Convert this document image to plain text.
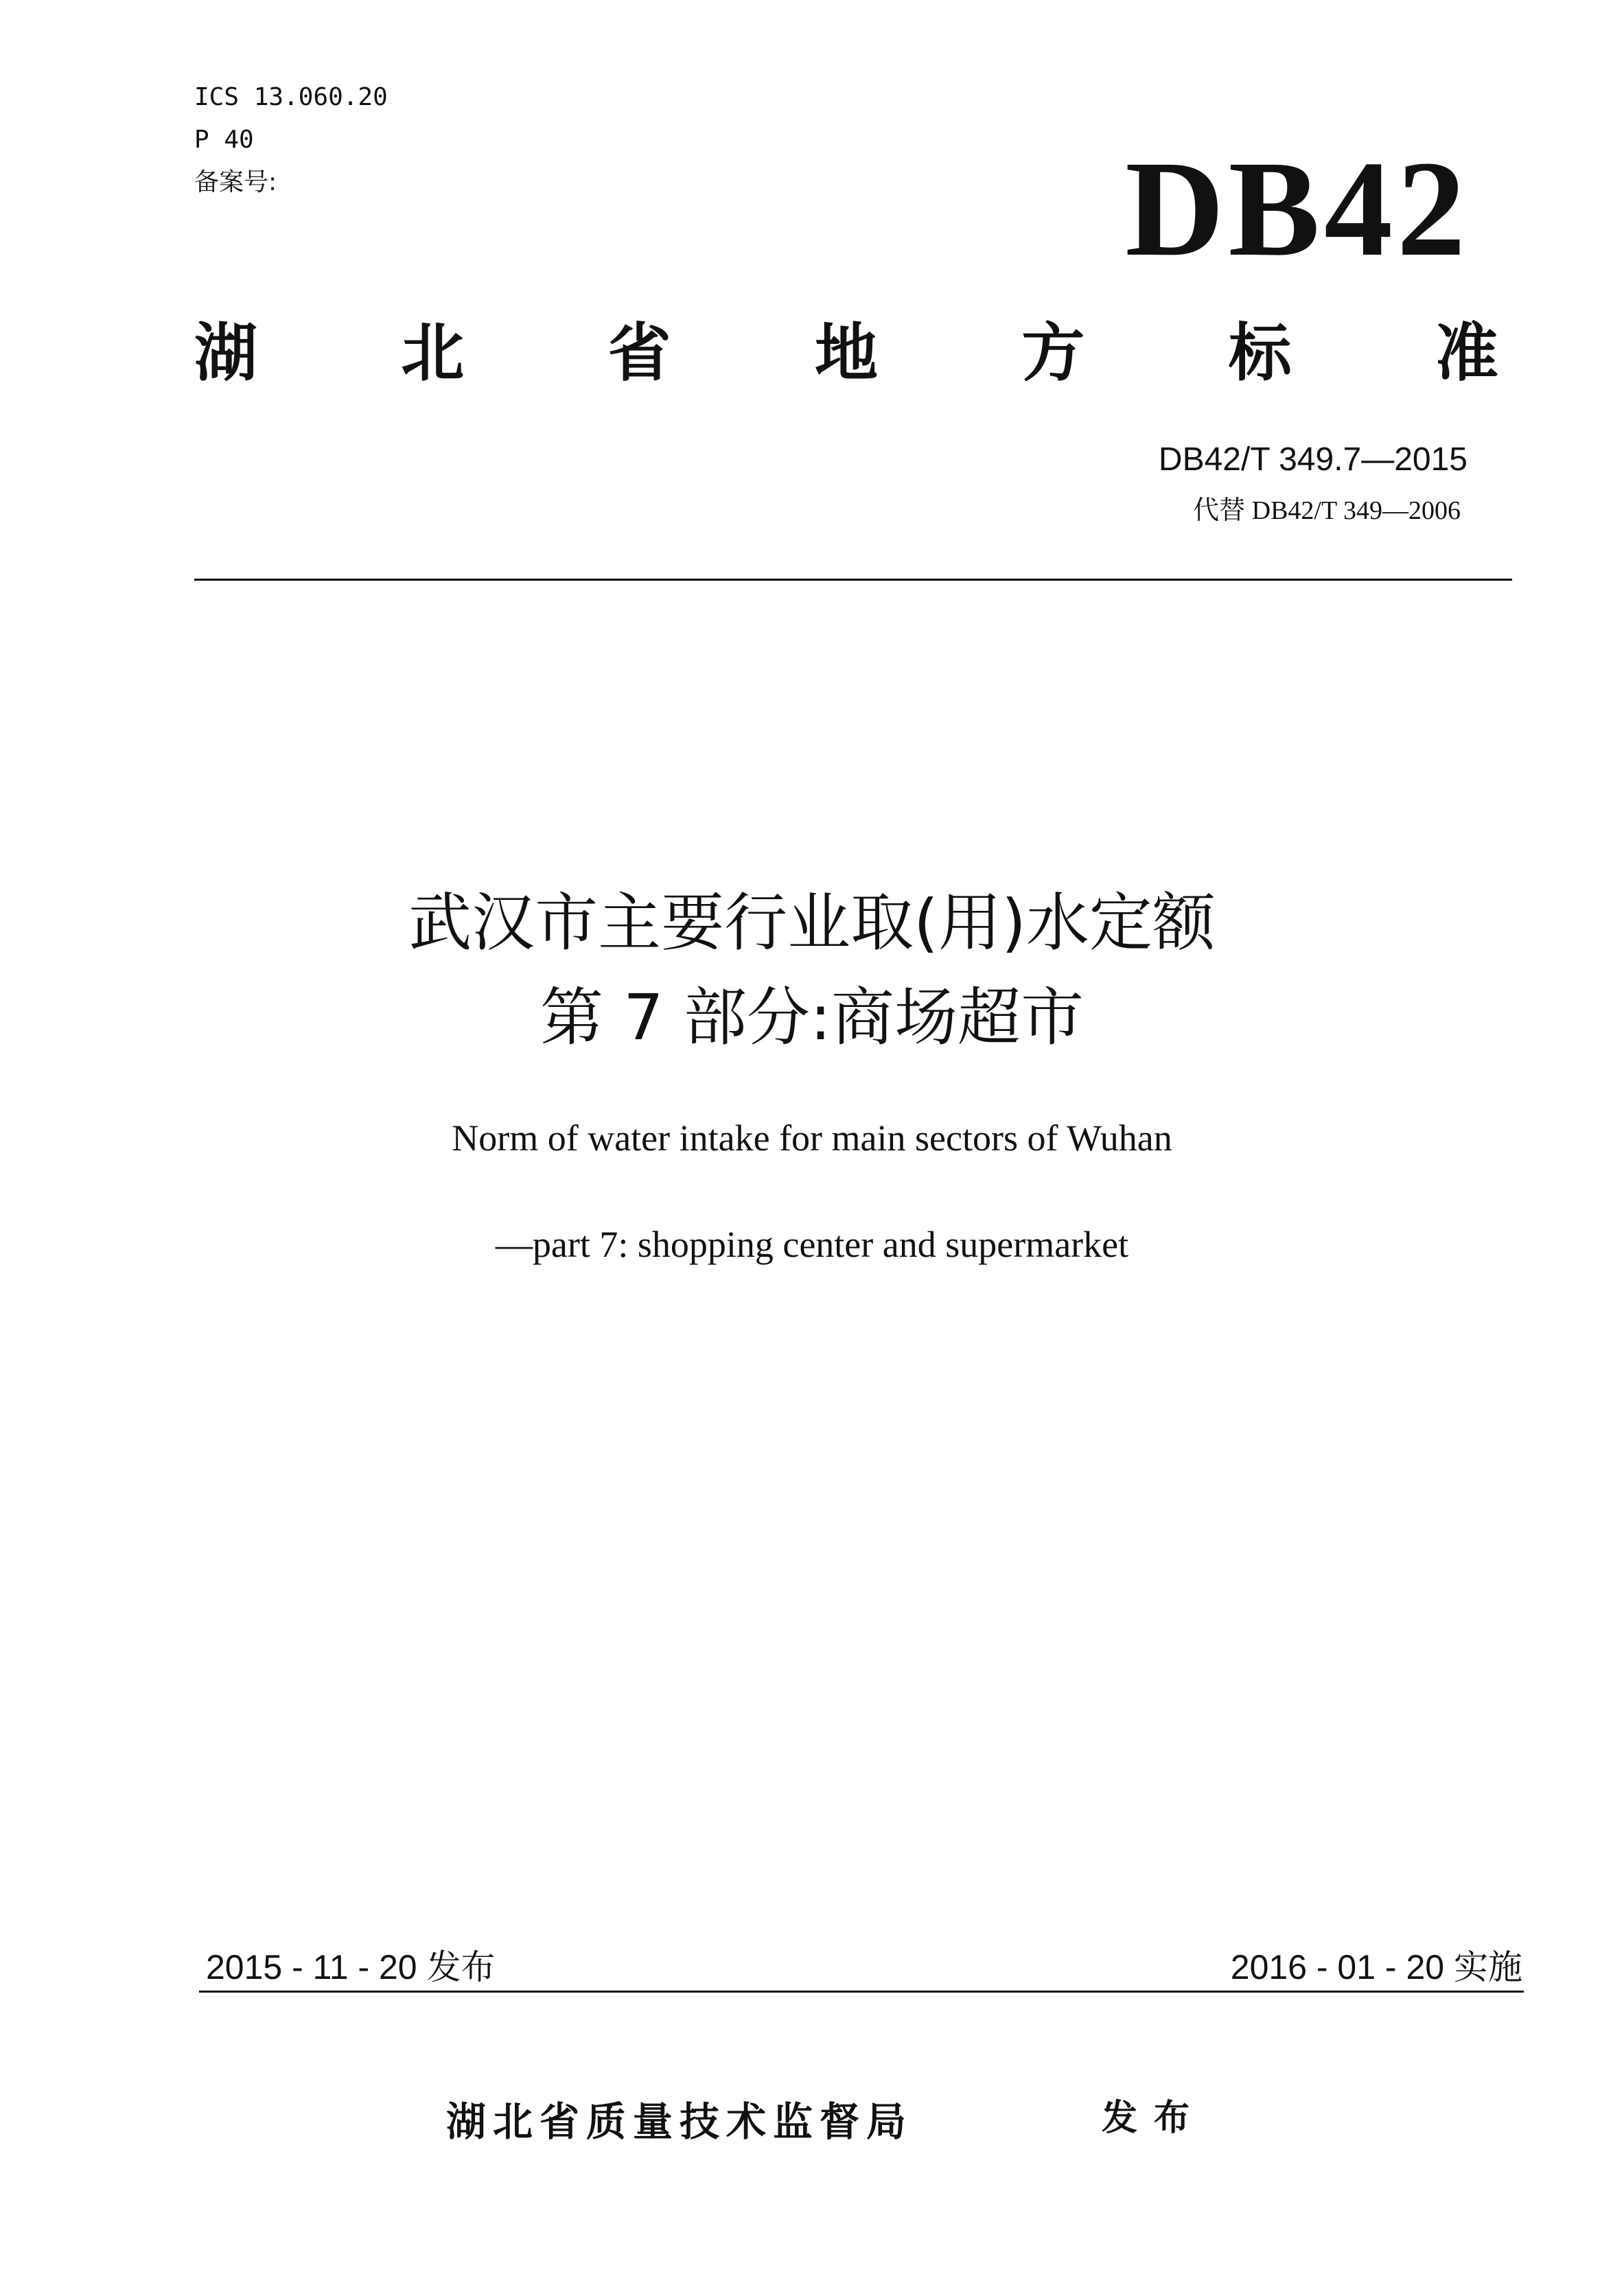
ICS 13.060.20
P 40
备案号:	DB42
湖 北 省 地 方 标 准
DB42/T 349.7—2015
代替 DB42/T 349—2006
武汉市主要行业取(用)水定额
第 7 部分:商场超市
Norm of water intake for main sectors of Wuhan
—part 7: shopping center and supermarket
2015 - 11 - 20 发布	2016 - 01 - 20 实施
湖北省质量技术监督局	发布
